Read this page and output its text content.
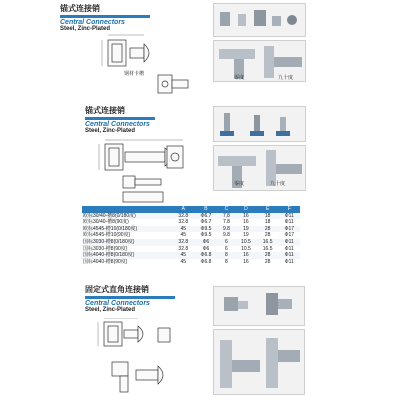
锚式连接销
Central Connectors
Steel, Zinc-Plated
钢材卡槽
零度	九十度
锚式连接销
Central Connectors
Steel, Zinc-Plated
零度	九十度
	A	B	C	D	E	F
欧标30/40-槽8(0/180度)	32.8	Φ6.7	7.8	16	18	Φ11
欧标30/40-槽8(90度)	32.8	Φ6.7	7.8	16	18	Φ11
欧标4545-槽10(0/180度)	45	Φ9.5	9.8	19	28	Φ17
欧标4545-槽10(90度)	45	Φ9.5	9.8	19	28	Φ17
国标3030-槽8(0/180度)	32.8	Φ6	6	10.5	16.5	Φ11
国标3030-槽8(90度)	32.8	Φ6	6	10.5	16.5	Φ11
国标4040-槽8(0/180度)	45	Φ6.8	8	16	28	Φ11
国标4040-槽8(90度)	45	Φ6.8	8	16	28	Φ11
固定式直角连接销
Central Connectors
Steel, Zinc-Plated
